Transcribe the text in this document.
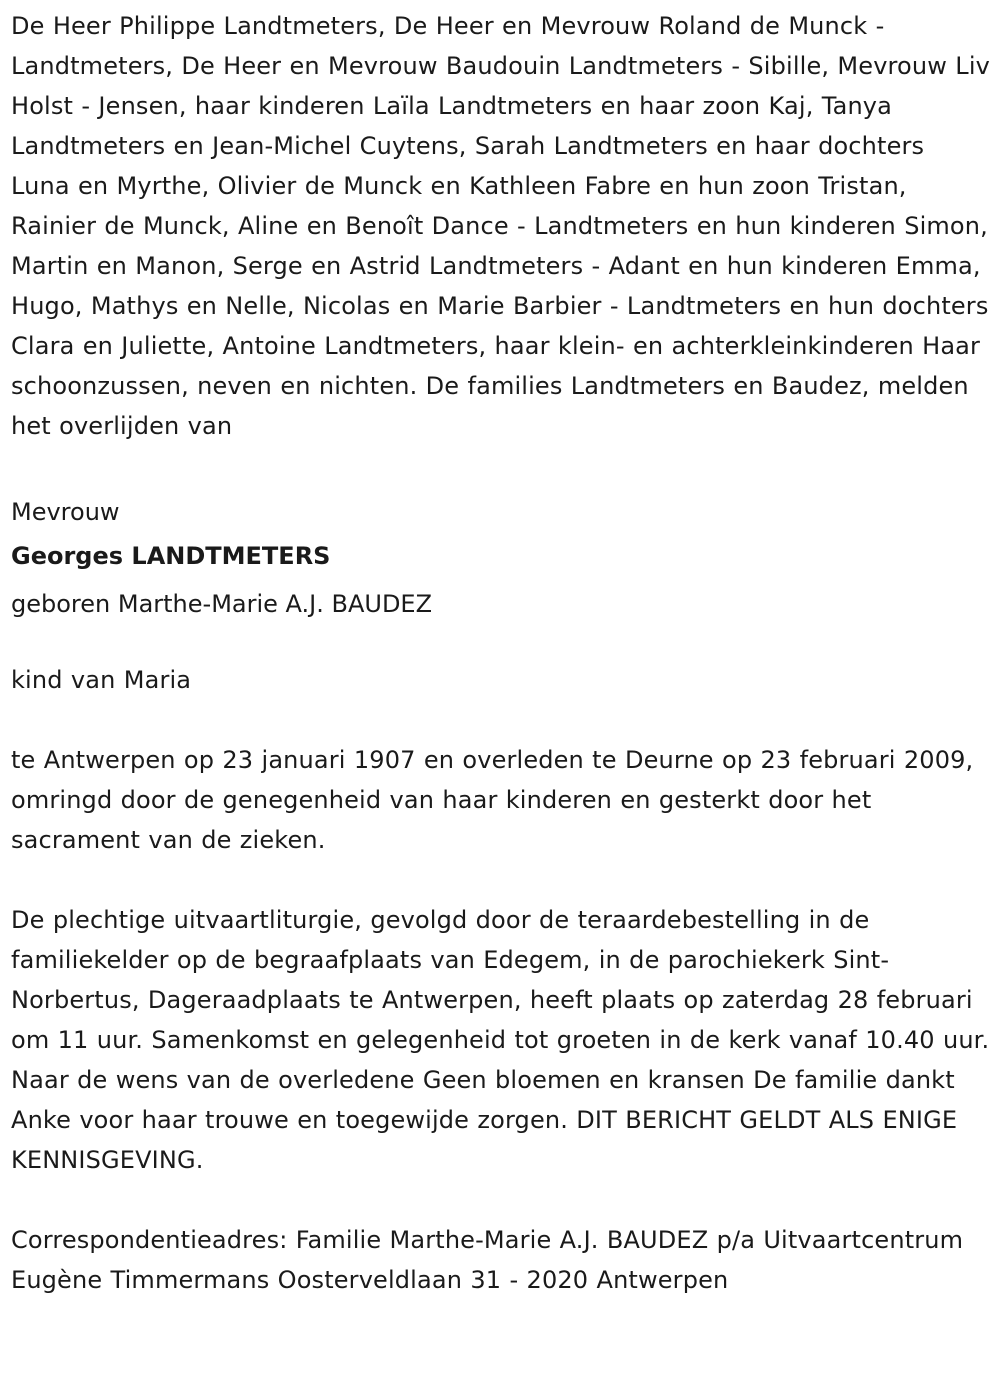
De Heer Philippe Landtmeters, De Heer en Mevrouw Roland de Munck - Landtmeters, De Heer en Mevrouw Baudouin Landtmeters - Sibille, Mevrouw Liv Holst - Jensen, haar kinderen Laïla Landtmeters en haar zoon Kaj, Tanya Landtmeters en Jean-Michel Cuytens, Sarah Landtmeters en haar dochters Luna en Myrthe, Olivier de Munck en Kathleen Fabre en hun zoon Tristan, Rainier de Munck, Aline en Benoît Dance - Landtmeters en hun kinderen Simon, Martin en Manon, Serge en Astrid Landtmeters - Adant en hun kinderen Emma, Hugo, Mathys en Nelle, Nicolas en Marie Barbier - Landtmeters en hun dochters Clara en Juliette, Antoine Landtmeters, haar klein- en achterkleinkinderen Haar schoonzussen, neven en nichten. De families Landtmeters en Baudez, melden het overlijden van

Mevrouw

Georges LANDTMETERS

geboren Marthe-Marie A.J. BAUDEZ

kind van Maria

te Antwerpen op 23 januari 1907 en overleden te Deurne op 23 februari 2009, omringd door de genegenheid van haar kinderen en gesterkt door het sacrament van de zieken.

De plechtige uitvaartliturgie, gevolgd door de teraardebestelling in de familiekelder op de begraafplaats van Edegem, in de parochiekerk Sint-Norbertus, Dageraadplaats te Antwerpen, heeft plaats op zaterdag 28 februari om 11 uur. Samenkomst en gelegenheid tot groeten in de kerk vanaf 10.40 uur. Naar de wens van de overledene Geen bloemen en kransen De familie dankt Anke voor haar trouwe en toegewijde zorgen. DIT BERICHT GELDT ALS ENIGE KENNISGEVING.

Correspondentieadres: Familie Marthe-Marie A.J. BAUDEZ p/a Uitvaartcentrum Eugène Timmermans Oosterveldlaan 31 - 2020 Antwerpen
